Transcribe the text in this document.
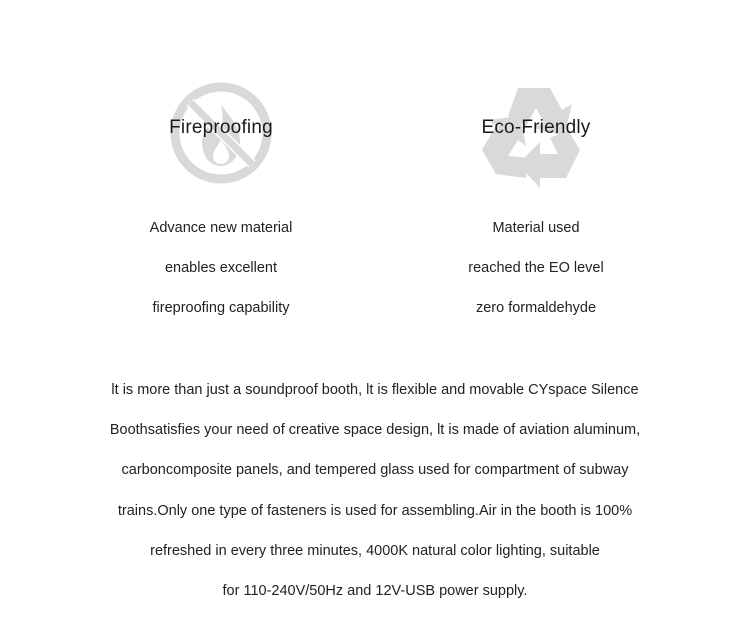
Fireproofing
Advance new material
enables excellent
fireproofing capability
Eco-Friendly
Material used
reached the EO level
zero formaldehyde
lt is more than just a soundproof booth, lt is flexible and movable CYspace Silence
Boothsatisfies your need of creative space design, lt is made of aviation aluminum,
carboncomposite panels, and tempered glass used for compartment of subway
trains.Only one type of fasteners is used for assembling.Air in the booth is 100%
refreshed in every three minutes, 4000K natural color lighting, suitable
for 110-240V/50Hz and 12V-USB power supply.
